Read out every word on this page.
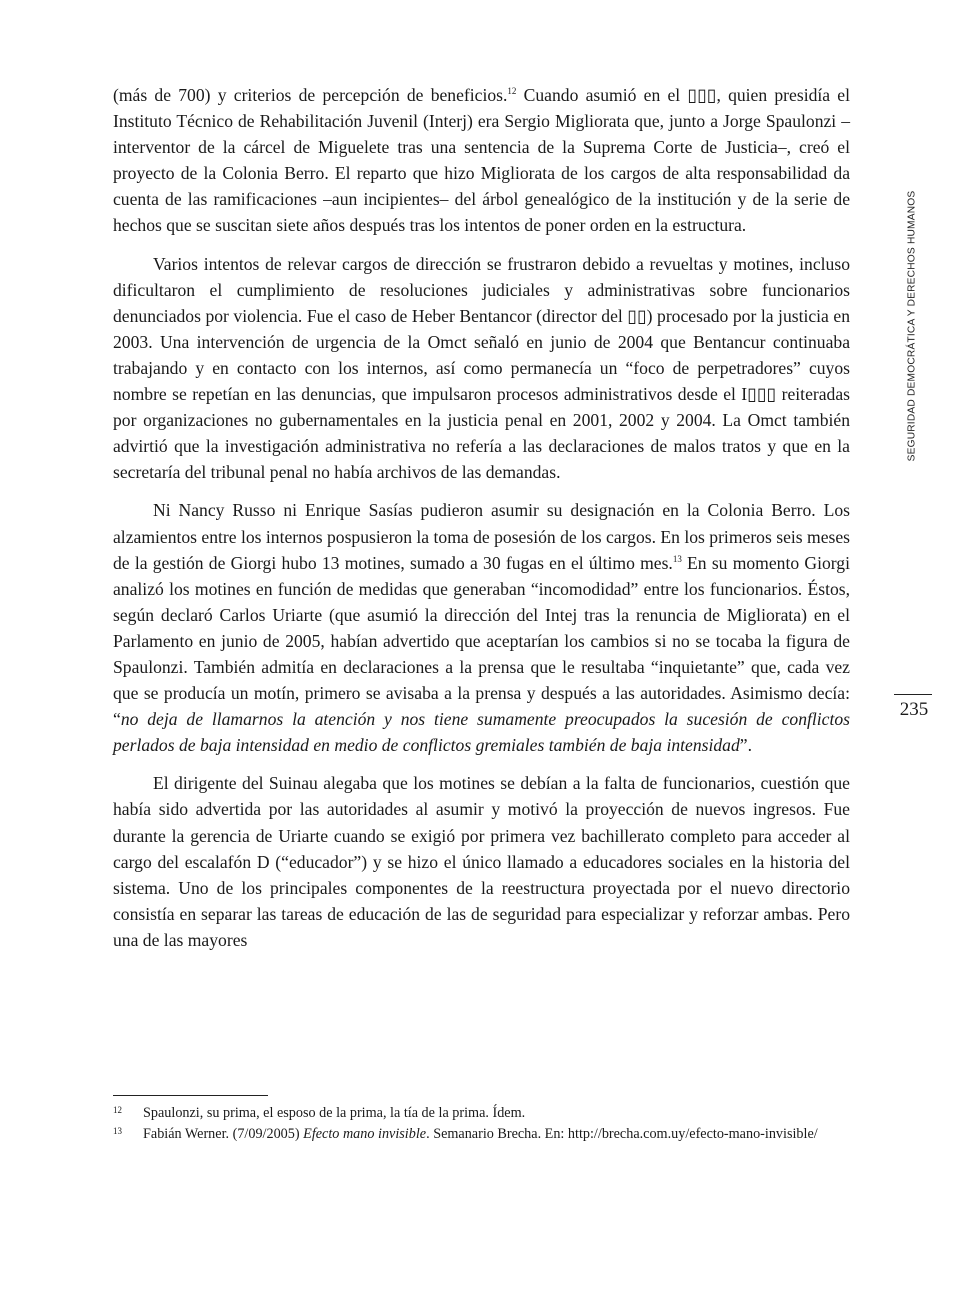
(más de 700) y criterios de percepción de beneficios.$^{12}$ Cuando asumió en el ▯▯▯, quien presidía el Instituto Técnico de Rehabilitación Juvenil (Interj) era Sergio Migliorata que, junto a Jorge Spaulonzi –interventor de la cárcel de Miguelete tras una sentencia de la Suprema Corte de Justicia–, creó el proyecto de la Colonia Berro. El reparto que hizo Migliorata de los cargos de alta responsabilidad da cuenta de las ramificaciones –aun incipientes– del árbol genealógico de la institución y de la serie de hechos que se suscitan siete años después tras los intentos de poner orden en la estructura.

Varios intentos de relevar cargos de dirección se frustraron debido a revueltas y motines, incluso dificultaron el cumplimiento de resoluciones judiciales y administrativas sobre funcionarios denunciados por violencia. Fue el caso de Heber Bentancor (director del ▯▯) procesado por la justicia en 2003. Una intervención de urgencia de la Omct señaló en junio de 2004 que Bentancur continuaba trabajando y en contacto con los internos, así como permanecía un “foco de perpetradores” cuyos nombre se repetían en las denuncias, que impulsaron procesos administrativos desde el I▯▯▯ reiteradas por organizaciones no gubernamentales en la justicia penal en 2001, 2002 y 2004. La Omct también advirtió que la investigación administrativa no refería a las declaraciones de malos tratos y que en la secretaría del tribunal penal no había archivos de las demandas.

Ni Nancy Russo ni Enrique Sasías pudieron asumir su designación en la Colonia Berro. Los alzamientos entre los internos pospusieron la toma de posesión de los cargos. En los primeros seis meses de la gestión de Giorgi hubo 13 motines, sumado a 30 fugas en el último mes.$^{13}$ En su momento Giorgi analizó los motines en función de medidas que generaban “incomodidad” entre los funcionarios. Éstos, según declaró Carlos Uriarte (que asumió la dirección del Intej tras la renuncia de Migliorata) en el Parlamento en junio de 2005, habían advertido que aceptarían los cambios si no se tocaba la figura de Spaulonzi. También admitía en declaraciones a la prensa que le resultaba “inquietante” que, cada vez que se producía un motín, primero se avisaba a la prensa y después a las autoridades. Asimismo decía: “no deja de llamarnos la atención y nos tiene sumamente preocupados la sucesión de conflictos perlados de baja intensidad en medio de conflictos gremiales también de baja intensidad”.

El dirigente del Suinau alegaba que los motines se debían a la falta de funcionarios, cuestión que había sido advertida por las autoridades al asumir y motivó la proyección de nuevos ingresos. Fue durante la gerencia de Uriarte cuando se exigió por primera vez bachillerato completo para acceder al cargo del escalafón D (“educador”) y se hizo el único llamado a educadores sociales en la historia del sistema. Uno de los principales componentes de la reestructura proyectada por el nuevo directorio consistía en separar las tareas de educación de las de seguridad para especializar y reforzar ambas. Pero una de las mayores

SEGURIDAD DEMOCRÁTICA Y DERECHOS HUMANOS
235

12 Spaulonzi, su prima, el esposo de la prima, la tía de la prima. Ídem.

13 Fabián Werner. (7/09/2005) Efecto mano invisible. Semanario Brecha. En: http://brecha.com.uy/efecto-mano-invisible/
